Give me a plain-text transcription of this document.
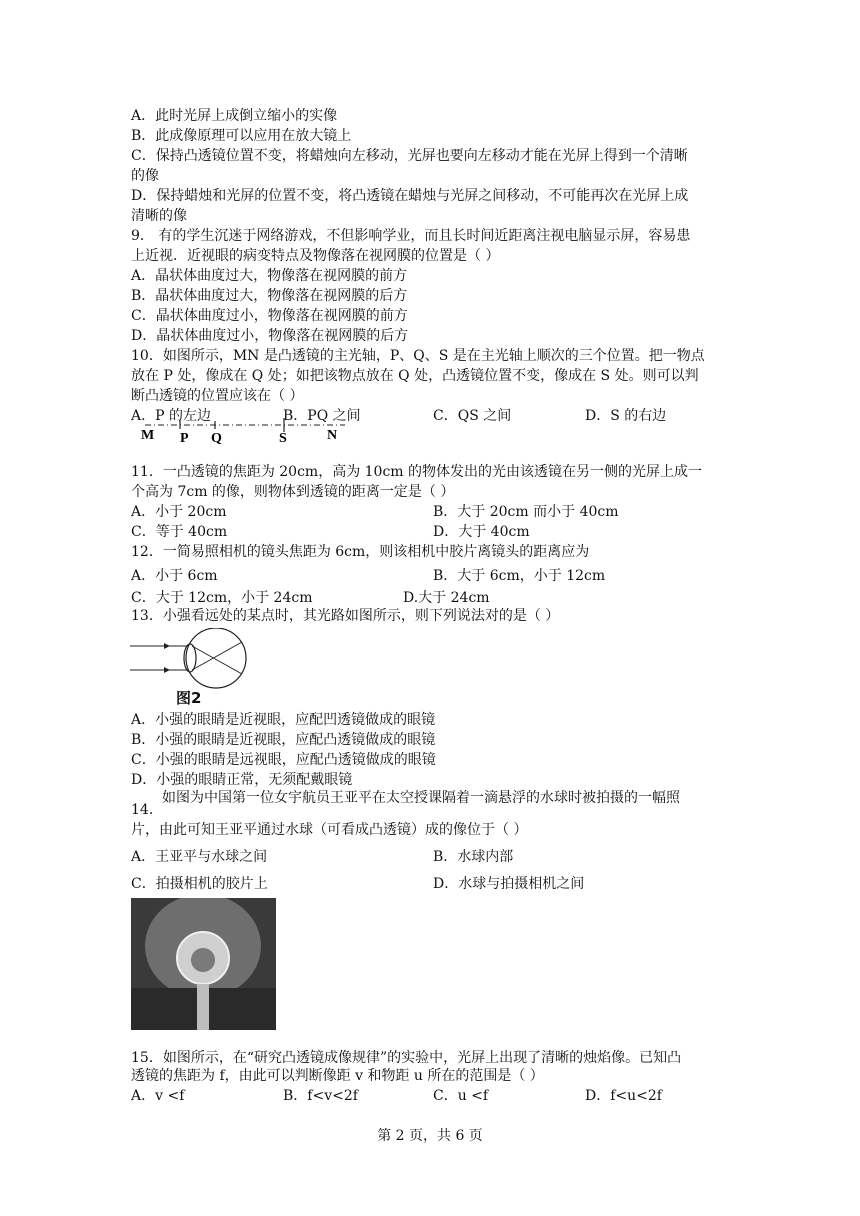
A．此时光屏上成倒立缩小的实像
B．此成像原理可以应用在放大镜上
C．保持凸透镜位置不变，将蜡烛向左移动，光屏也要向左移动才能在光屏上得到一个清晰
的像
D．保持蜡烛和光屏的位置不变，将凸透镜在蜡烛与光屏之间移动，不可能再次在光屏上成
清晰的像
9． 有的学生沉迷于网络游戏，不但影响学业，而且长时间近距离注视电脑显示屏，容易患
上近视．近视眼的病变特点及物像落在视网膜的位置是（ ）
A．晶状体曲度过大，物像落在视网膜的前方
B．晶状体曲度过大，物像落在视网膜的后方
C．晶状体曲度过小，物像落在视网膜的前方
D．晶状体曲度过小，物像落在视网膜的后方
10．如图所示，MN 是凸透镜的主光轴，P、Q、S 是在主光轴上顺次的三个位置。把一物点
放在 P 处，像成在 Q 处；如把该物点放在 Q 处，凸透镜位置不变，像成在 S 处。则可以判
断凸透镜的位置应该在（ ）
A．P 的左边	B．PQ 之间	C．QS 之间	D．S 的右边
M P Q	S	N
11．一凸透镜的焦距为 20cm，高为 10cm 的物体发出的光由该透镜在另一侧的光屏上成一
个高为 7cm 的像，则物体到透镜的距离一定是（ ）
A．小于 20cm	B．大于 20cm 而小于 40cm
C．等于 40cm	D．大于 40cm
12．一简易照相机的镜头焦距为 6cm，则该相机中胶片离镜头的距离应为
A．小于 6cm	B．大于 6cm，小于 12cm
C．大于 12cm，小于 24cm	D.大于 24cm
13．小强看远处的某点时，其光路如图所示，则下列说法对的是（ ）
图2
A．小强的眼睛是近视眼，应配凹透镜做成的眼镜
B．小强的眼睛是近视眼，应配凸透镜做成的眼镜
C．小强的眼睛是远视眼，应配凸透镜做成的眼镜
D．小强的眼睛正常，无须配戴眼镜
如图为中国第一位女宇航员王亚平在太空授课隔着一滴悬浮的水球时被拍摄的一幅照
14．
片，由此可知王亚平通过水球（可看成凸透镜）成的像位于（ ）
A．王亚平与水球之间	B．水球内部
C．拍摄相机的胶片上	D．水球与拍摄相机之间
15．如图所示，在“研究凸透镜成像规律”的实验中，光屏上出现了清晰的烛焰像。已知凸
透镜的焦距为 f，由此可以判断像距 v 和物距 u 所在的范围是（ ）
A．v <f	B．f<v<2f	C．u <f	D．f<u<2f
第 2 页，共 6 页
